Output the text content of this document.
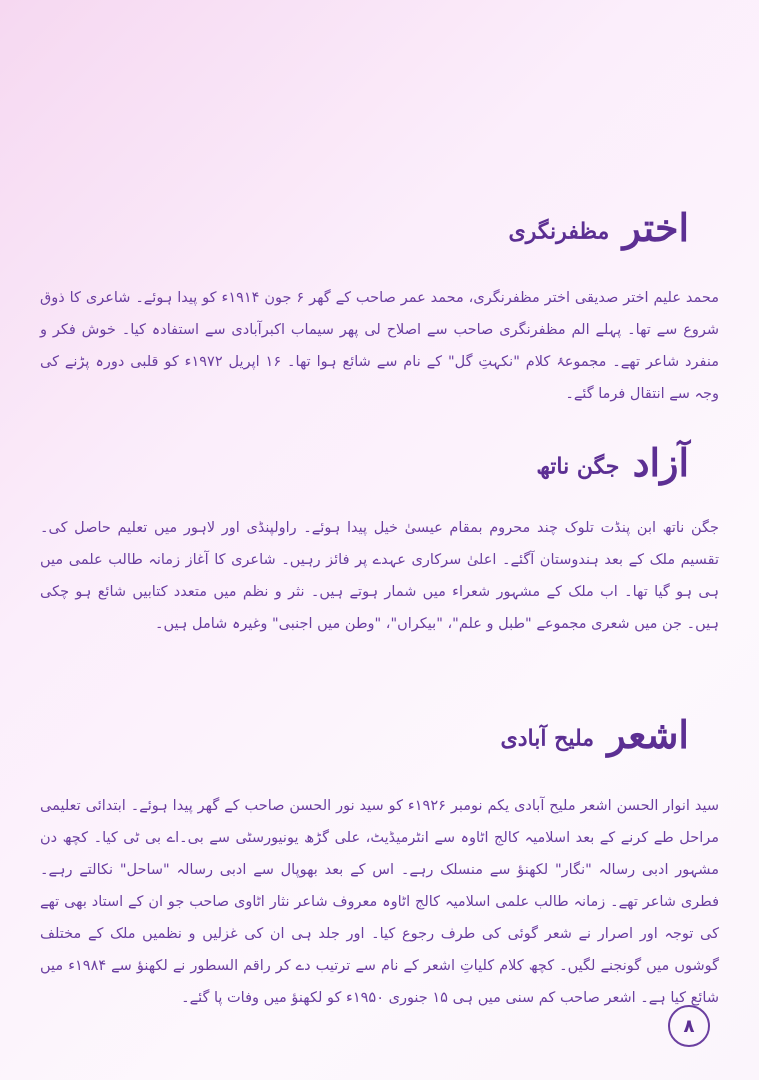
اختر مظفرنگری
محمد علیم اختر صدیقی اختر مظفرنگری، محمد عمر صاحب کے گھر ۶ جون ۱۹۱۴ء کو پیدا ہوئے۔ شاعری کا ذوق شروع سے تھا۔ پہلے الم مظفرنگری صاحب سے اصلاح لی پھر سیماب اکبرآبادی سے استفادہ کیا۔ خوش فکر و منفرد شاعر تھے۔ مجموعۂ کلام "نکہتِ گل" کے نام سے شائع ہوا تھا۔ ۱۶ اپریل ۱۹۷۲ء کو قلبی دورہ پڑنے کی وجہ سے انتقال فرما گئے۔
آزاد جگن ناتھ
جگن ناتھ ابن پنڈت تلوک چند محروم بمقام عیسیٰ خیل پیدا ہوئے۔ راولپنڈی اور لاہور میں تعلیم حاصل کی۔ تقسیم ملک کے بعد ہندوستان آگئے۔ اعلیٰ سرکاری عہدے پر فائز رہیں۔ شاعری کا آغاز زمانہ طالب علمی میں ہی ہو گیا تھا۔ اب ملک کے مشہور شعراء میں شمار ہوتے ہیں۔ نثر و نظم میں متعدد کتابیں شائع ہو چکی ہیں۔ جن میں شعری مجموعے "طبل و علم"، "بیکراں"، "وطن میں اجنبی" وغیرہ شامل ہیں۔
اشعر ملیح آبادی
سید انوار الحسن اشعر ملیح آبادی یکم نومبر ۱۹۲۶ء کو سید نور الحسن صاحب کے گھر پیدا ہوئے۔ ابتدائی تعلیمی مراحل طے کرنے کے بعد اسلامیہ کالج اٹاوہ سے انٹرمیڈیٹ، علی گڑھ یونیورسٹی سے بی۔اے بی ٹی کیا۔ کچھ دن مشہور ادبی رسالہ "نگار" لکھنؤ سے منسلک رہے۔ اس کے بعد بھوپال سے ادبی رسالہ "ساحل" نکالتے رہے۔ فطری شاعر تھے۔ زمانہ طالب علمی اسلامیہ کالج اٹاوہ معروف شاعر نثار اٹاوی صاحب جو ان کے استاد بھی تھے کی توجہ اور اصرار نے شعر گوئی کی طرف رجوع کیا۔ اور جلد ہی ان کی غزلیں و نظمیں ملک کے مختلف گوشوں میں گونجنے لگیں۔ کچھ کلام کلیاتِ اشعر کے نام سے ترتیب دے کر راقم السطور نے لکھنؤ سے ۱۹۸۴ء میں شائع کیا ہے۔ اشعر صاحب کم سنی میں ہی ۱۵ جنوری ۱۹۵۰ء کو لکھنؤ میں وفات پا گئے۔
۸
